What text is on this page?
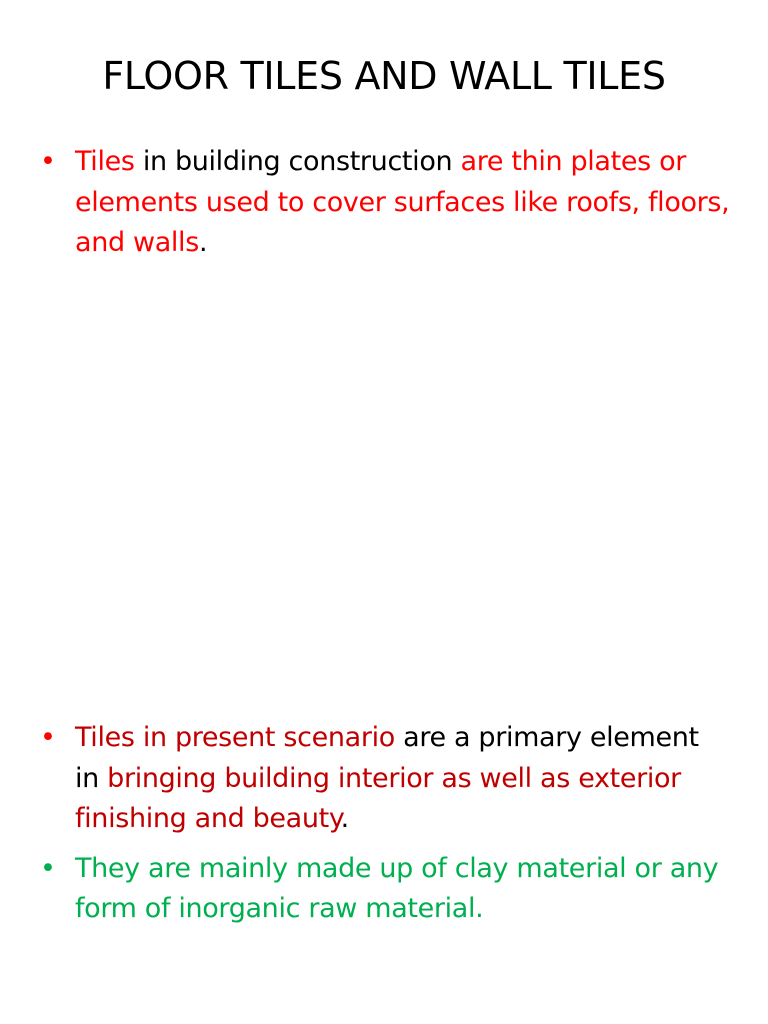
FLOOR TILES AND WALL TILES
• Tiles in building construction are thin plates or elements used to cover surfaces like roofs, floors, and walls.
• Tiles in present scenario are a primary element in bringing building interior as well as exterior finishing and beauty.
• They are mainly made up of clay material or any form of inorganic raw material.
